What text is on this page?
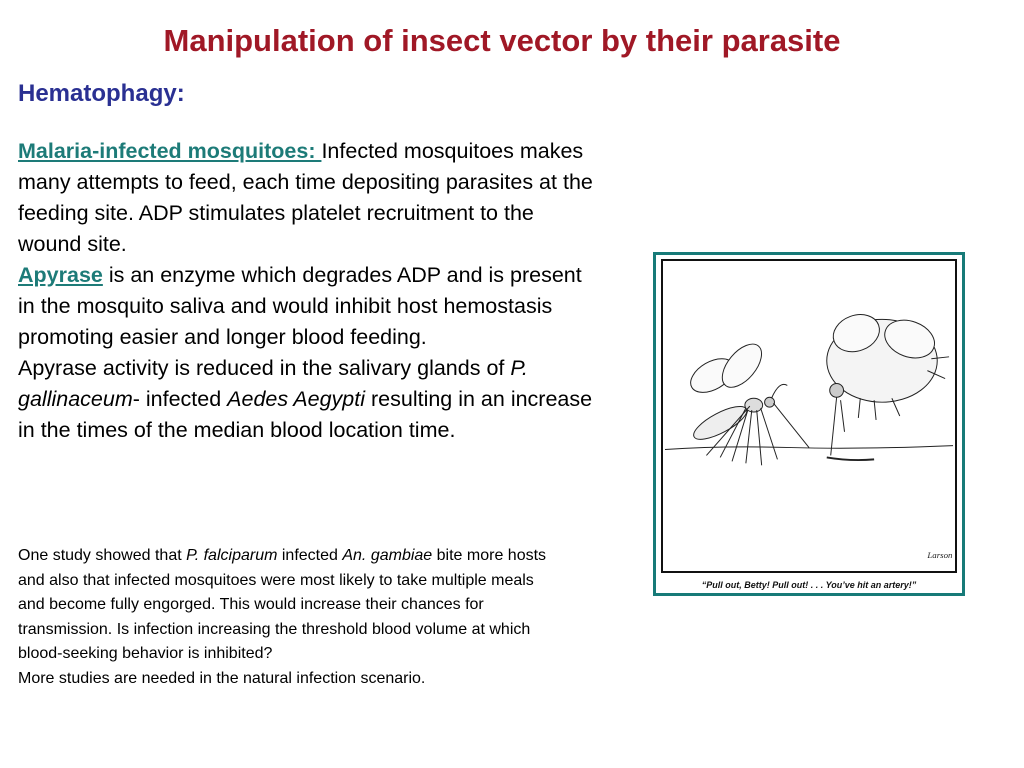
Manipulation of insect vector by their parasite
Hematophagy:

Malaria-infected mosquitoes: Infected mosquitoes makes many attempts to feed, each time depositing parasites at the feeding site. ADP stimulates platelet recruitment to the wound site.

Apyrase is an enzyme which degrades ADP and is present in the mosquito saliva and would inhibit host hemostasis promoting easier and longer blood feeding.

Apyrase activity is reduced in the salivary glands of P. gallinaceum- infected Aedes Aegypti resulting in an increase in the times of the median blood location time.

One study showed that P. falciparum infected An. gambiae bite more hosts and also that infected mosquitoes were most likely to take multiple meals and become fully engorged. This would increase their chances for transmission. Is infection increasing the threshold blood volume at which blood-seeking behavior is inhibited?

More studies are needed in the natural infection scenario.

Larson
“Pull out, Betty! Pull out! . . . You’ve hit an artery!”
